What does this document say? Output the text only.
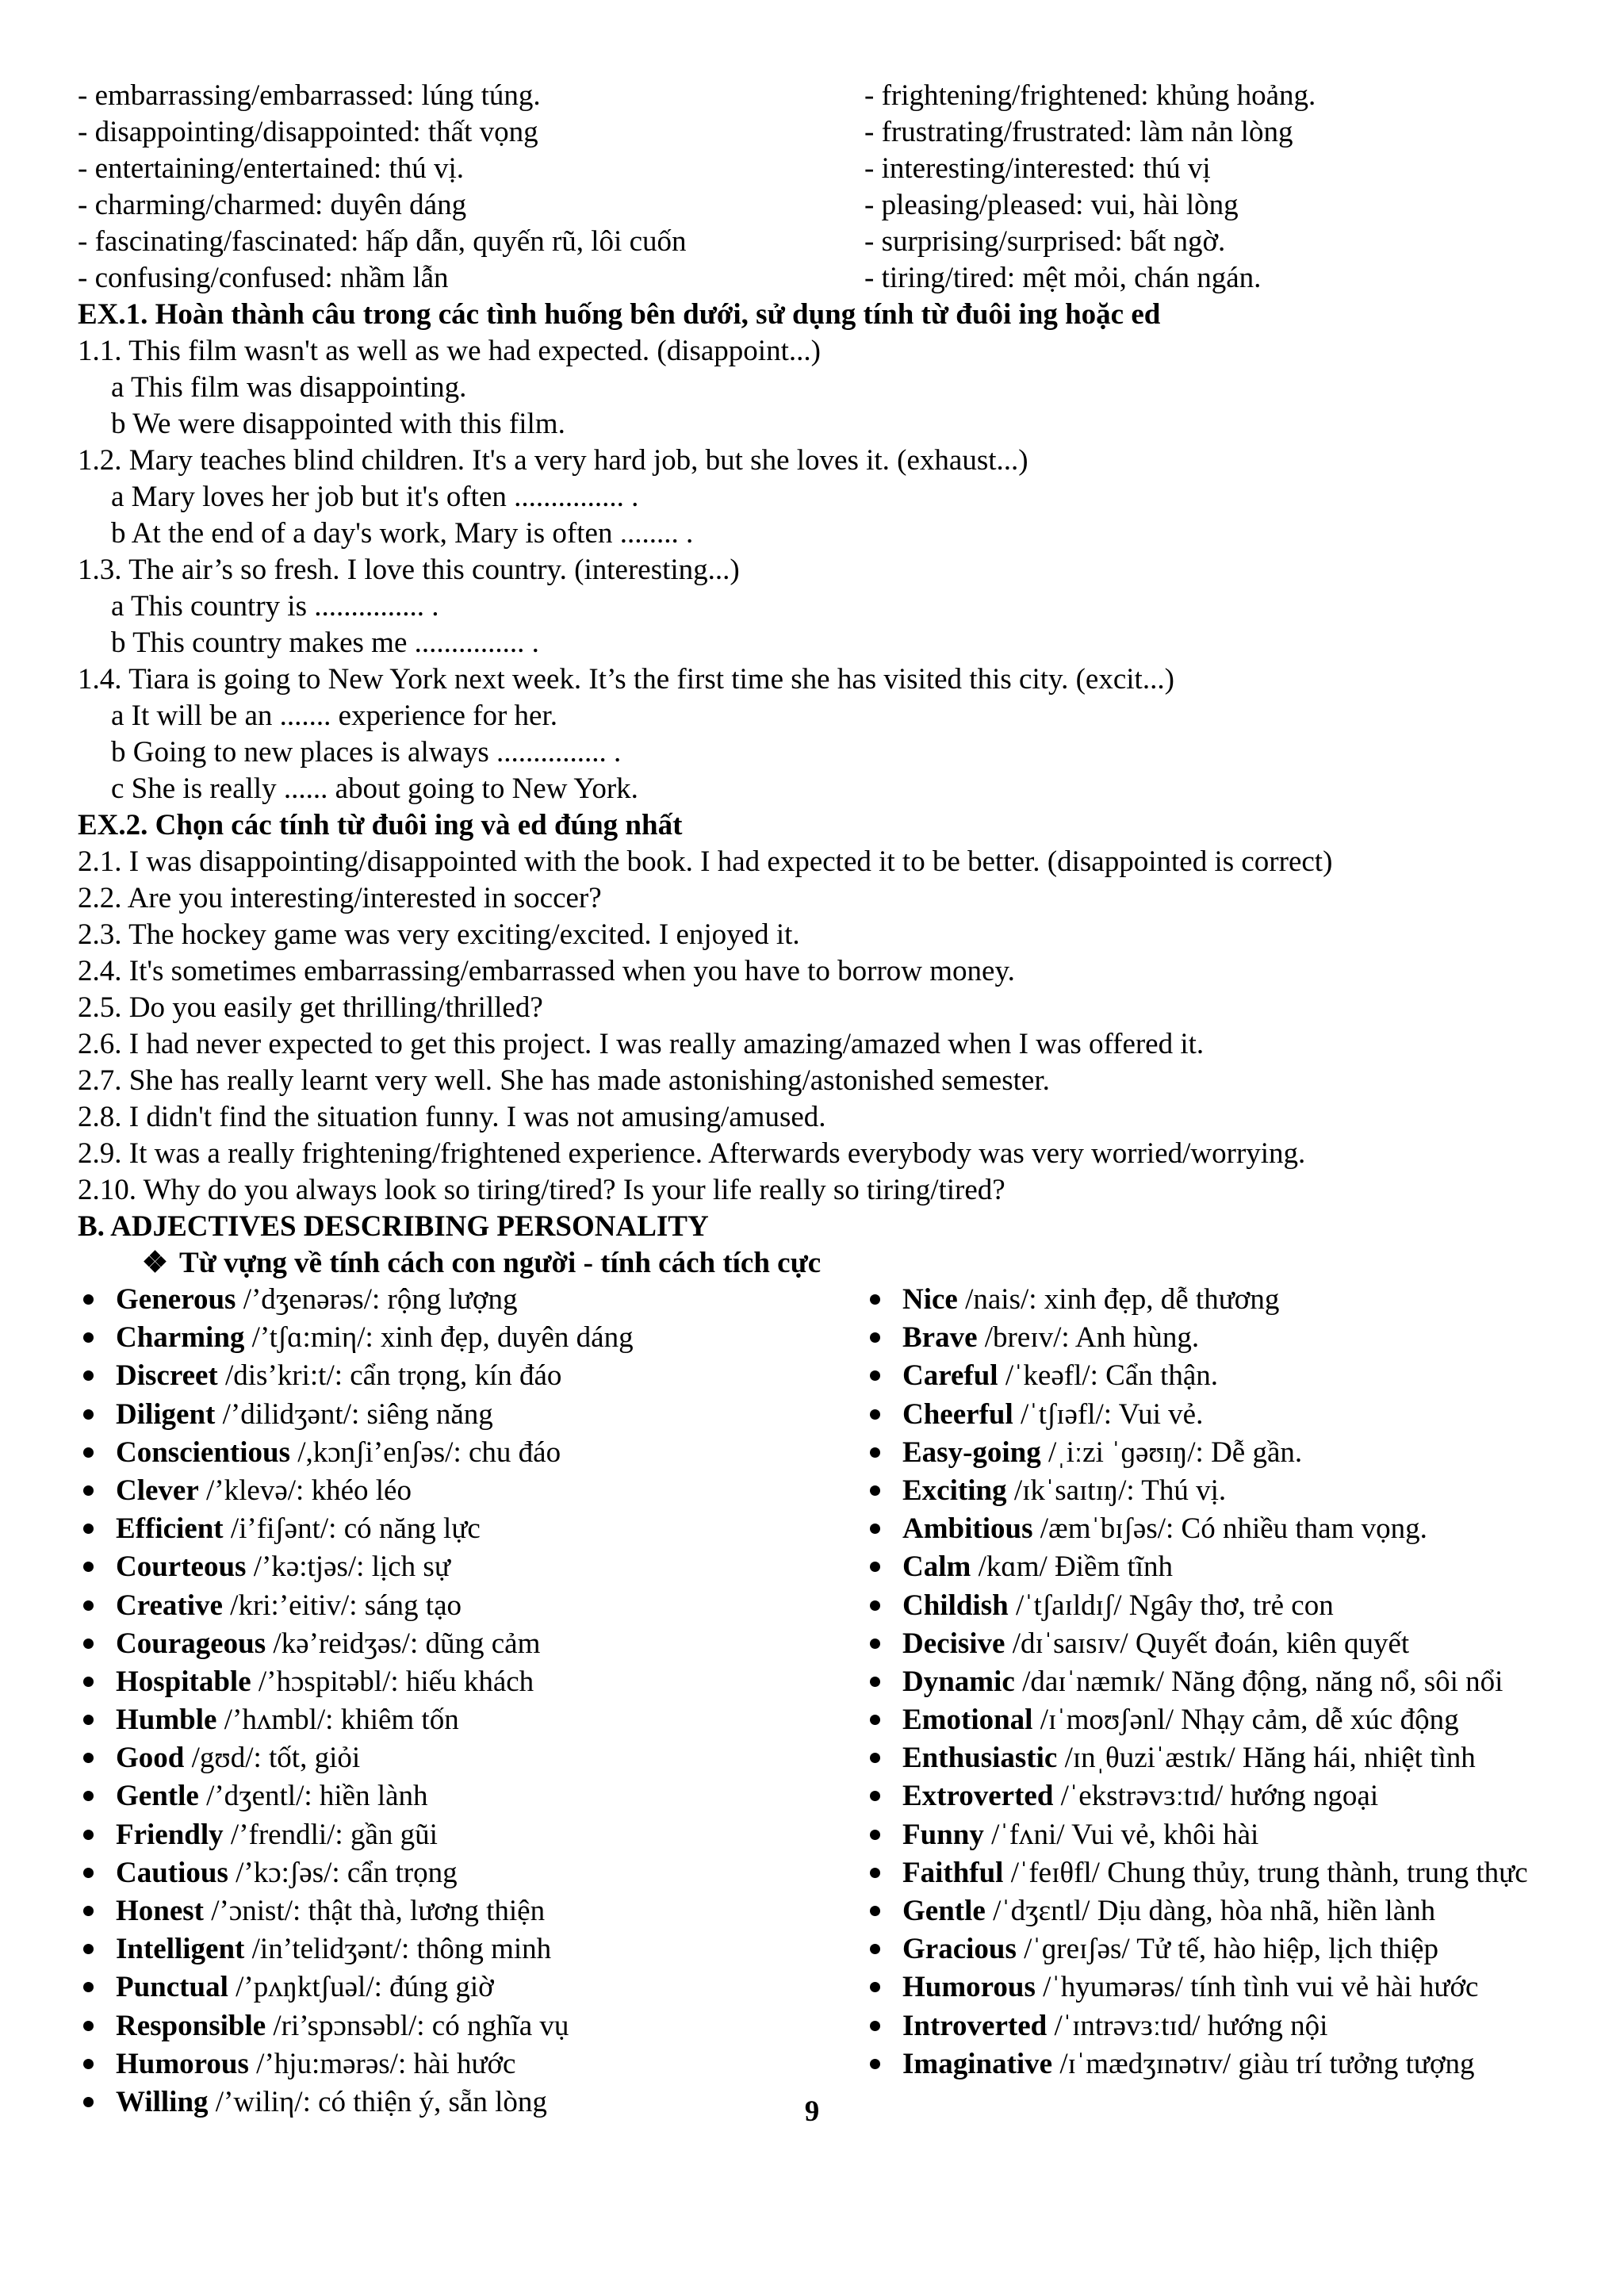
- embarrassing/embarrassed: lúng túng.	- frightening/frightened: khủng hoảng.
- disappointing/disappointed: thất vọng	- frustrating/frustrated: làm nản lòng
- entertaining/entertained: thú vị.	- interesting/interested: thú vị
- charming/charmed: duyên dáng	- pleasing/pleased: vui, hài lòng
- fascinating/fascinated: hấp dẫn, quyến rũ, lôi cuốn	- surprising/surprised: bất ngờ.
- confusing/confused: nhầm lẫn	- tiring/tired: mệt mỏi, chán ngán.
EX.1. Hoàn thành câu trong các tình huống bên dưới, sử dụng tính từ đuôi ing hoặc ed
1.1. This film wasn't as well as we had expected. (disappoint...)
a This film was disappointing.
b We were disappointed with this film.
1.2. Mary teaches blind children. It's a very hard job, but she loves it. (exhaust...)
a Mary loves her job but it's often ............... .
b At the end of a day's work, Mary is often ........ .
1.3. The air’s so fresh. I love this country. (interesting...)
a This country is ............... .
b This country makes me ............... .
1.4. Tiara is going to New York next week. It’s the first time she has visited this city. (excit...)
a It will be an ....... experience for her.
b Going to new places is always ............... .
c She is really ...... about going to New York.
EX.2. Chọn các tính từ đuôi ing và ed đúng nhất
2.1. I was disappointing/disappointed with the book. I had expected it to be better. (disappointed is correct)
2.2. Are you interesting/interested in soccer?
2.3. The hockey game was very exciting/excited. I enjoyed it.
2.4. It's sometimes embarrassing/embarrassed when you have to borrow money.
2.5. Do you easily get thrilling/thrilled?
2.6. I had never expected to get this project. I was really amazing/amazed when I was offered it.
2.7. She has really learnt very well. She has made astonishing/astonished semester.
2.8. I didn't find the situation funny. I was not amusing/amused.
2.9. It was a really frightening/frightened experience. Afterwards everybody was very worried/worrying.
2.10. Why do you always look so tiring/tired? Is your life really so tiring/tired?
B. ADJECTIVES DESCRIBING PERSONALITY
❖ Từ vựng về tính cách con người - tính cách tích cực
Generous /’dʒenərəs/: rộng lượng
Charming /’tʃɑ:miη/: xinh đẹp, duyên dáng
Discreet /dis’kri:t/: cẩn trọng, kín đáo
Diligent /’dilidʒənt/: siêng năng
Conscientious /,kɔnʃi’enʃəs/: chu đáo
Clever /’klevə/: khéo léo
Efficient /i’fiʃənt/: có năng lực
Courteous /’kə:tjəs/: lịch sự
Creative /kri:’eitiv/: sáng tạo
Courageous /kə’reidʒəs/: dũng cảm
Hospitable /’hɔspitəbl/: hiếu khách
Humble /’hʌmbl/: khiêm tốn
Good /gʊd/: tốt, giỏi
Gentle /’dʒentl/: hiền lành
Friendly /’frendli/: gần gũi
Cautious /’kɔ:ʃəs/: cẩn trọng
Honest /’ɔnist/: thật thà, lương thiện
Intelligent /in’telidʒənt/: thông minh
Punctual /’pʌŋktʃuəl/: đúng giờ
Responsible /ri’spɔnsəbl/: có nghĩa vụ
Humorous /’hju:mərəs/: hài hước
Willing /’wiliη/: có thiện ý, sẵn lòng
Nice /nais/: xinh đẹp, dễ thương
Brave /breɪv/: Anh hùng.
Careful /ˈkeəfl/: Cẩn thận.
Cheerful /ˈtʃɪəfl/: Vui vẻ.
Easy-going /ˌiːzi ˈɡəʊɪŋ/: Dễ gần.
Exciting /ɪkˈsaɪtɪŋ/: Thú vị.
Ambitious /æmˈbɪʃəs/: Có nhiều tham vọng.
Calm /kɑm/ Điềm tĩnh
Childish /ˈtʃaɪldɪʃ/ Ngây thơ, trẻ con
Decisive /dɪˈsaɪsɪv/ Quyết đoán, kiên quyết
Dynamic /daɪˈnæmɪk/ Năng động, năng nổ, sôi nổi
Emotional /ɪˈmoʊʃənl/ Nhạy cảm, dễ xúc động
Enthusiastic /ɪnˌθuziˈæstɪk/ Hăng hái, nhiệt tình
Extroverted /ˈekstrəvɜːtɪd/ hướng ngoại
Funny /ˈfʌni/ Vui vẻ, khôi hài
Faithful /ˈfeɪθfl/ Chung thủy, trung thành, trung thực
Gentle /ˈdʒɛntl/ Dịu dàng, hòa nhã, hiền lành
Gracious /ˈɡreɪʃəs/ Tử tế, hào hiệp, lịch thiệp
Humorous /ˈhyumərəs/ tính tình vui vẻ hài hước
Introverted /ˈɪntrəvɜːtɪd/ hướng nội
Imaginative /ɪˈmædʒɪnətɪv/ giàu trí tưởng tượng
9
